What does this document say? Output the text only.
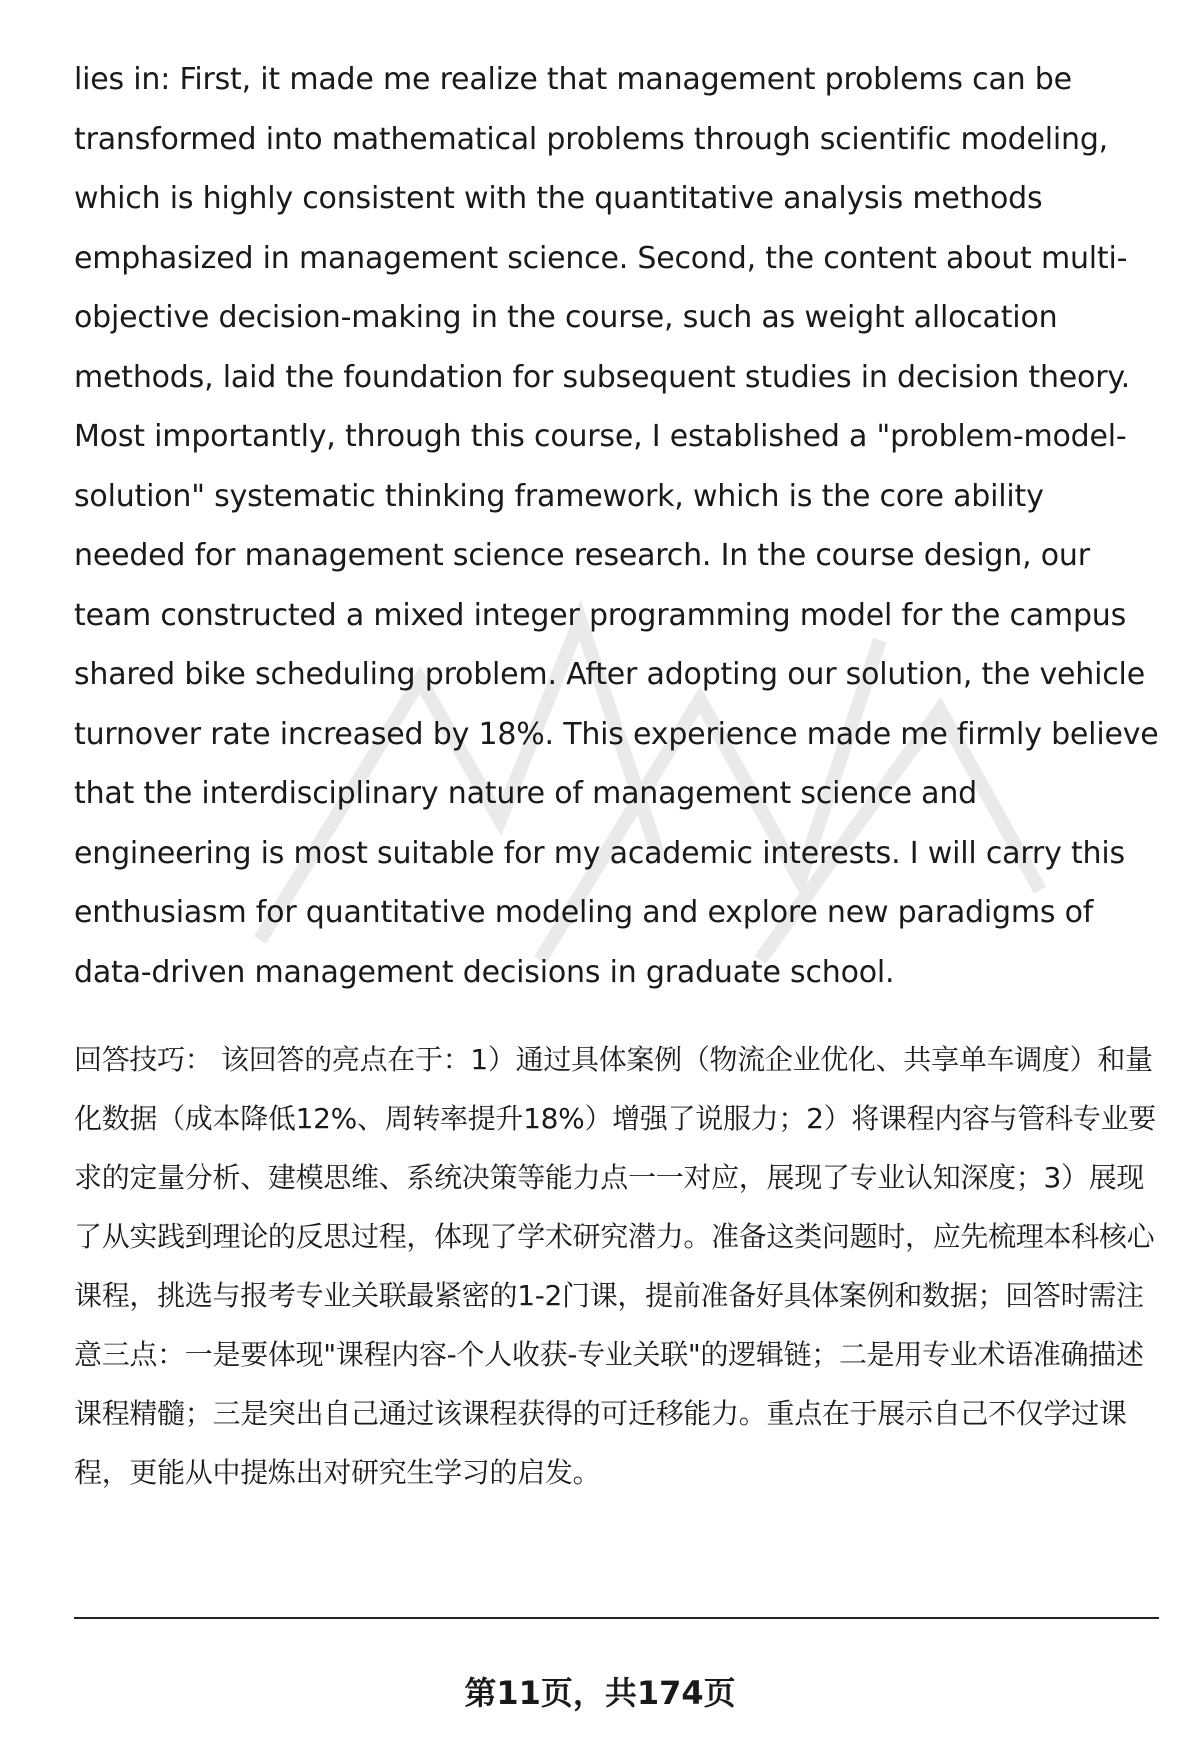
lies in: First, it made me realize that management problems can be transformed into mathematical problems through scientific modeling, which is highly consistent with the quantitative analysis methods emphasized in management science. Second, the content about multi-objective decision-making in the course, such as weight allocation methods, laid the foundation for subsequent studies in decision theory. Most importantly, through this course, I established a "problem-model-solution" systematic thinking framework, which is the core ability needed for management science research. In the course design, our team constructed a mixed integer programming model for the campus shared bike scheduling problem. After adopting our solution, the vehicle turnover rate increased by 18%. This experience made me firmly believe that the interdisciplinary nature of management science and engineering is most suitable for my academic interests. I will carry this enthusiasm for quantitative modeling and explore new paradigms of data-driven management decisions in graduate school.

回答技巧： 该回答的亮点在于：1）通过具体案例（物流企业优化、共享单车调度）和量化数据（成本降低12%、周转率提升18%）增强了说服力；2）将课程内容与管科专业要求的定量分析、建模思维、系统决策等能力点一一对应，展现了专业认知深度；3）展现了从实践到理论的反思过程，体现了学术研究潜力。准备这类问题时，应先梳理本科核心课程，挑选与报考专业关联最紧密的1-2门课，提前准备好具体案例和数据；回答时需注意三点：一是要体现"课程内容-个人收获-专业关联"的逻辑链；二是用专业术语准确描述课程精髓；三是突出自己通过该课程获得的可迁移能力。重点在于展示自己不仅学过课程，更能从中提炼出对研究生学习的启发。

第11页，共174页
